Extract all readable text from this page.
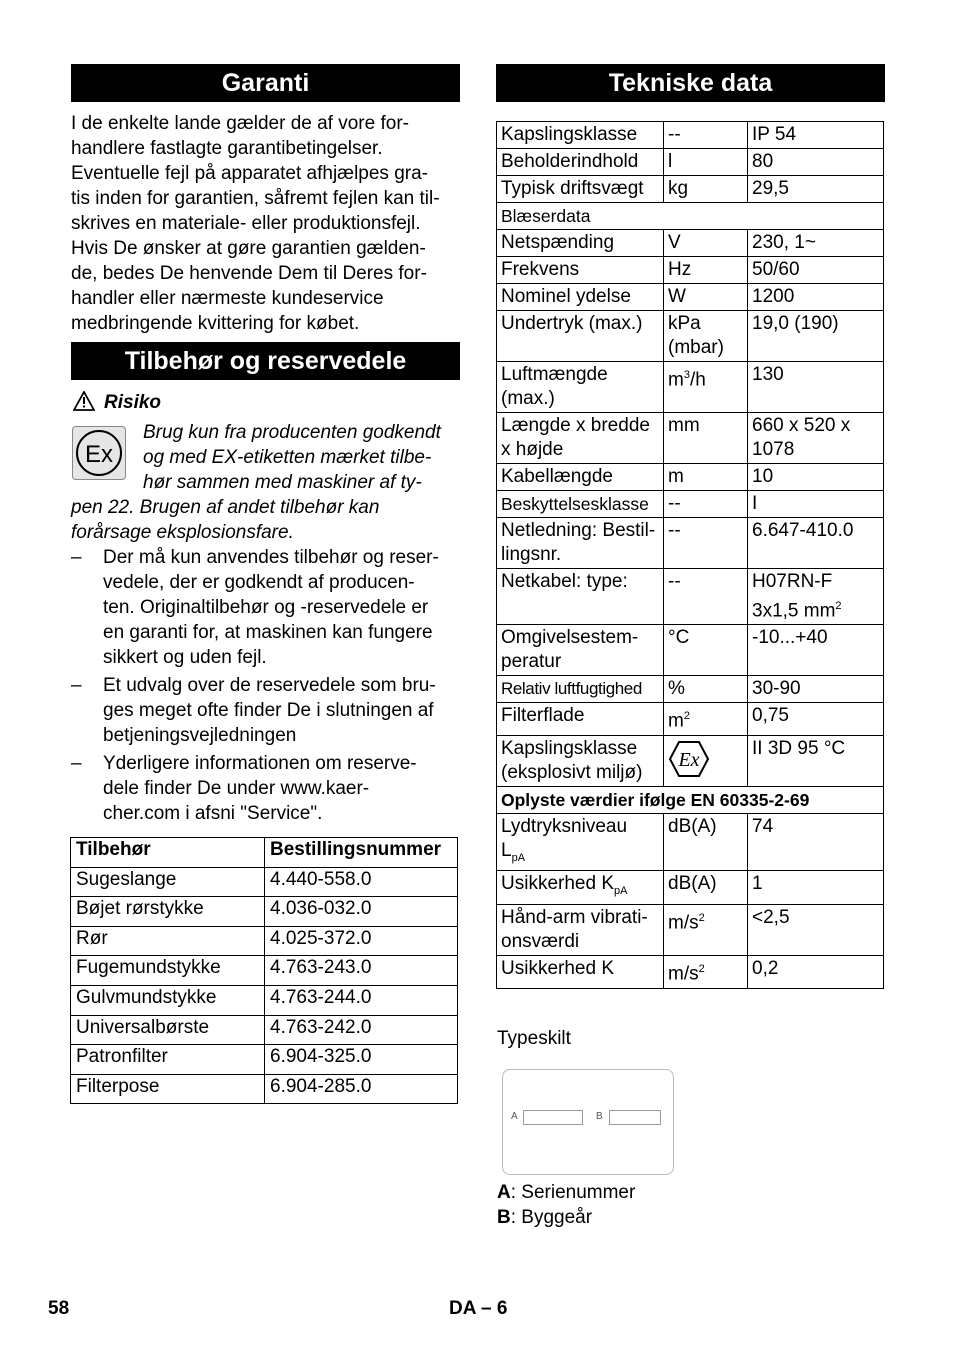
Garanti
I de enkelte lande gælder de af vore for-
handlere fastlagte garantibetingelser.
Eventuelle fejl på apparatet afhjælpes gra-
tis inden for garantien, såfremt fejlen kan til-
skrives en materiale- eller produktionsfejl.
Hvis De ønsker at gøre garantien gælden-
de, bedes De henvende Dem til Deres for-
handler eller nærmeste kundeservice
medbringende kvittering for købet.
Tilbehør og reservedele
Risiko
Ex
Brug kun fra producenten godkendt
og med EX-etiketten mærket tilbe-
hør sammen med maskiner af ty-
pen 22. Brugen af andet tilbehør kan
forårsage eksplosionsfare.
– Der må kun anvendes tilbehør og reser-
vedele, der er godkendt af producen-
ten. Originaltilbehør og -reservedele er
en garanti for, at maskinen kan fungere
sikkert og uden fejl.
– Et udvalg over de reservedele som bru-
ges meget ofte finder De i slutningen af
betjeningsvejledningen
– Yderligere informationen om reserve-
dele finder De under www.kaer-
cher.com i afsni "Service".
Tilbehør	Bestillingsnummer
Sugeslange	4.440-558.0
Bøjet rørstykke	4.036-032.0
Rør	4.025-372.0
Fugemundstykke	4.763-243.0
Gulvmundstykke	4.763-244.0
Universalbørste	4.763-242.0
Patronfilter	6.904-325.0
Filterpose	6.904-285.0
Tekniske data
Kapslingsklasse	--	IP 54
Beholderindhold	l	80
Typisk driftsvægt	kg	29,5
Blæserdata		
Netspænding	V	230, 1~
Frekvens	Hz	50/60
Nominel ydelse	W	1200
Undertryk (max.)	kPa (mbar)	19,0 (190)
Luftmængde (max.)	$m^3/h$	130
Længde x bredde x højde	mm	660 x 520 x 1078
Kabellængde	m	10
Beskyttelsesklasse	--	I
Netledning: Bestil-
lingsnr.	--	6.647-410.0
Netkabel: type:	--	H07RN-F
3x1,5 $mm^2$
Omgivelsestem-
peratur	°C	-10...+40
Relativ luftfugtighed	%	30-90
Filterflade	$m^2$	0,75
Kapslingsklasse (eksplosivt miljø)	Ex	II 3D 95 °C
Oplyste værdier ifølge EN 60335-2-69		
Lydtryksniveau
$L_{pA}$	dB(A)	74
Usikkerhed $K_{pA}$	dB(A)	1
Hånd-arm vibrati-
onsværdi	$m/s^2$	<2,5
Usikkerhed K	$m/s^2$	0,2
Typeskilt
A	B
A: Serienummer
B: Byggeår
58	DA – 6
